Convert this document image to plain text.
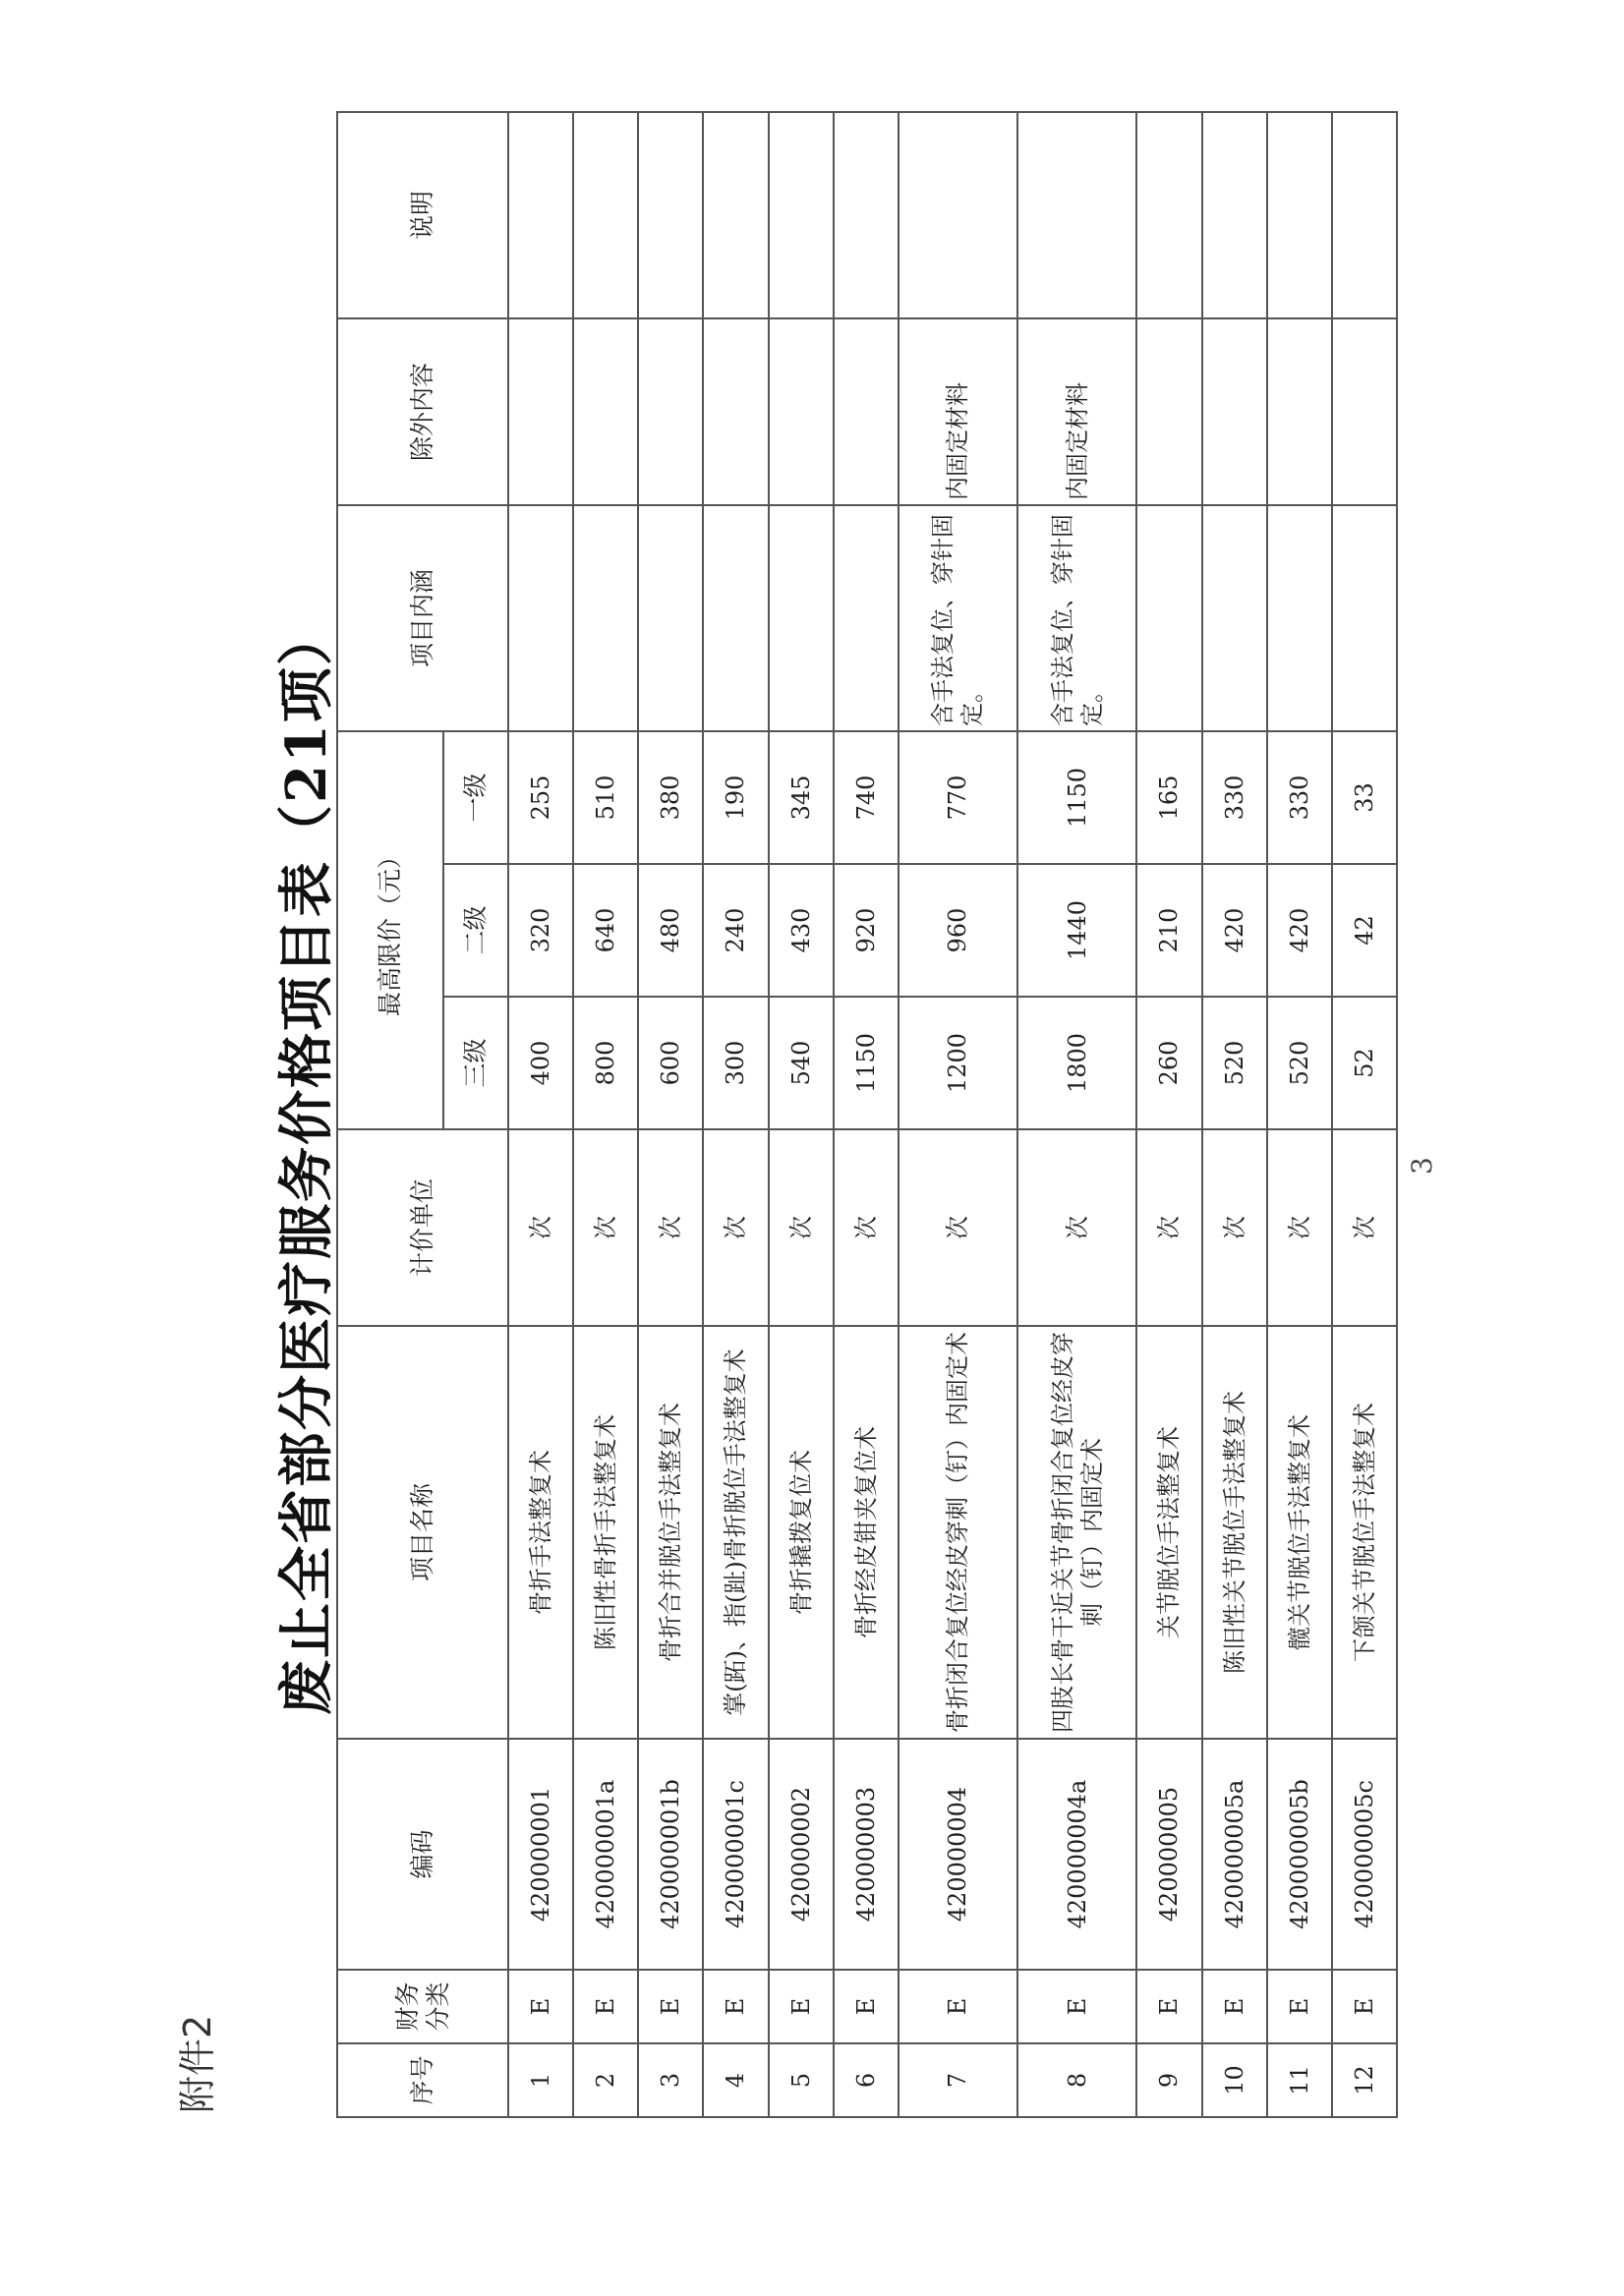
附件2
废止全省部分医疗服务价格项目表（21项）	3
序号	财务分类	编码	项目名称	计价单位	最高限价（元）			项目内涵	除外内容	说明
					三级	二级	一级			
1	E	420000001	骨折手法整复术	次	400	320	255			
2	E	420000001a	陈旧性骨折手法整复术	次	800	640	510			
3	E	420000001b	骨折合并脱位手法整复术	次	600	480	380			
4	E	420000001c	掌(跖)、指(趾)骨折脱位手法整复术	次	300	240	190			
5	E	420000002	骨折撬拨复位术	次	540	430	345			
6	E	420000003	骨折经皮钳夹复位术	次	1150	920	740			
7	E	420000004	骨折闭合复位经皮穿刺（钉）内固定术	次	1200	960	770	含手法复位、穿针固定。	内固定材料	
8	E	420000004a	四肢长骨干近关节骨折闭合复位经皮穿刺（钉）内固定术	次	1800	1440	1150	含手法复位、穿针固定。	内固定材料	
9	E	420000005	关节脱位手法整复术	次	260	210	165			
10	E	420000005a	陈旧性关节脱位手法整复术	次	520	420	330			
11	E	420000005b	髋关节脱位手法整复术	次	520	420	330			
12	E	420000005c	下颌关节脱位手法整复术	次	52	42	33			
